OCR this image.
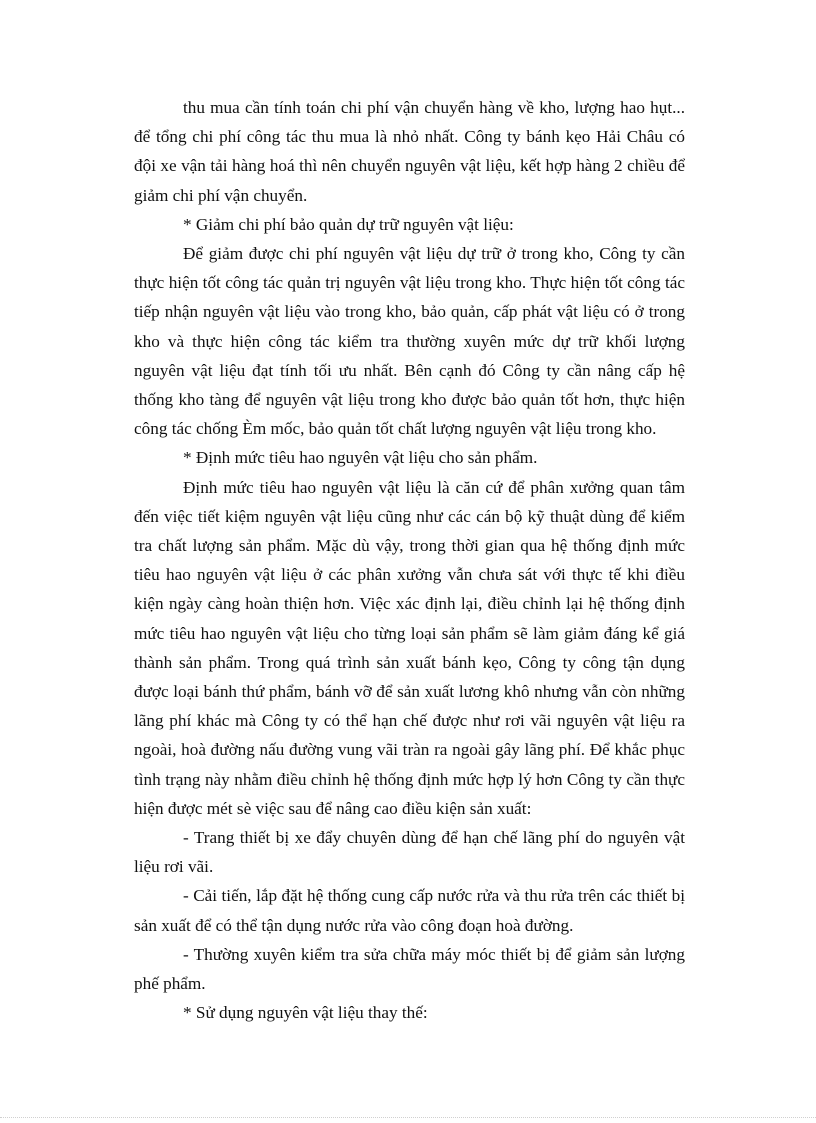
thu mua cần tính toán chi phí vận chuyển hàng về kho, lượng hao hụt... để tổng chi phí công tác thu mua là nhỏ nhất. Công ty bánh kẹo Hải Châu có đội xe vận tải hàng hoá thì nên chuyển nguyên vật liệu, kết hợp hàng 2 chiều để giảm chi phí vận chuyển.

* Giảm chi phí bảo quản dự trữ nguyên vật liệu:

Để giảm được chi phí nguyên vật liệu dự trữ ở trong kho, Công ty cần thực hiện tốt công tác quản trị nguyên vật liệu trong kho. Thực hiện tốt công tác tiếp nhận nguyên vật liệu vào trong kho, bảo quản, cấp phát vật liệu có ở trong kho và thực hiện công tác kiểm tra thường xuyên mức dự trữ khối lượng nguyên vật liệu đạt tính tối ưu nhất. Bên cạnh đó Công ty cần nâng cấp hệ thống kho tàng để nguyên vật liệu trong kho được bảo quản tốt hơn, thực hiện công tác chống Èm mốc, bảo quản tốt chất lượng nguyên vật liệu trong kho.

* Định mức tiêu hao nguyên vật liệu cho sản phẩm.

Định mức tiêu hao nguyên vật liệu là căn cứ để phân xưởng quan tâm đến việc tiết kiệm nguyên vật liệu cũng như các cán bộ kỹ thuật dùng để kiểm tra chất lượng sản phẩm. Mặc dù vậy, trong thời gian qua hệ thống định mức tiêu hao nguyên vật liệu ở các phân xưởng vẫn chưa sát với thực tế khi điều kiện ngày càng hoàn thiện hơn. Việc xác định lại, điều chỉnh lại hệ thống định mức tiêu hao nguyên vật liệu cho từng loại sản phẩm sẽ làm giảm đáng kể giá thành sản phẩm. Trong quá trình sản xuất bánh kẹo, Công ty công tận dụng được loại bánh thứ phẩm, bánh vỡ để sản xuất lương khô nhưng vẫn còn những lãng phí khác mà Công ty có thể hạn chế được như rơi vãi nguyên vật liệu ra ngoài, hoà đường nấu đường vung vãi tràn ra ngoài gây lãng phí. Để khắc phục tình trạng này nhằm điều chỉnh hệ thống định mức hợp lý hơn Công ty cần thực hiện được mét sè việc sau để nâng cao điều kiện sản xuất:

- Trang thiết bị xe đẩy chuyên dùng để hạn chế lãng phí do nguyên vật liệu rơi vãi.

- Cải tiến, lắp đặt hệ thống cung cấp nước rửa và thu rửa trên các thiết bị sản xuất để có thể tận dụng nước rửa vào công đoạn hoà đường.

- Thường xuyên kiểm tra sửa chữa máy móc thiết bị để giảm sản lượng phế phẩm.

* Sử dụng nguyên vật liệu thay thế:
